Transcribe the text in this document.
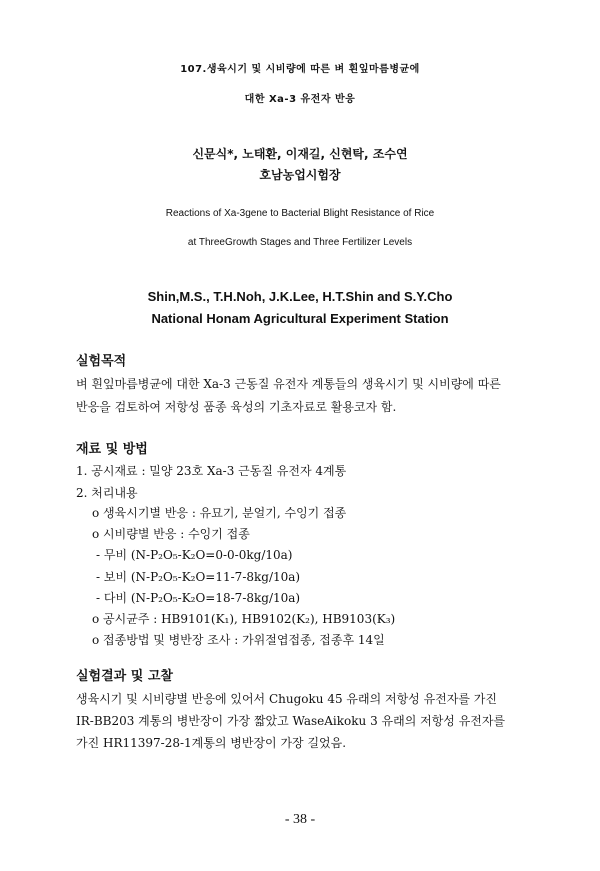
107.생육시기 및 시비량에 따른 벼 흰잎마름병균에
대한 Xa-3 유전자 반응
신문식*, 노태환, 이재길, 신현탁, 조수연
호남농업시험장
Reactions of Xa-3gene to Bacterial Blight Resistance of Rice
at ThreeGrowth Stages and Three Fertilizer Levels
Shin,M.S., T.H.Noh, J.K.Lee, H.T.Shin and S.Y.Cho
National Honam Agricultural Experiment Station
실험목적
벼 흰잎마름병균에 대한 Xa-3 근동질 유전자 계통들의 생육시기 및 시비량에 따른
반응을 검토하여 저항성 품종 육성의 기초자료로 활용코자 함.
재료 및 방법
1. 공시재료 : 밀양 23호 Xa-3 근동질 유전자 4계통
2. 처리내용
o 생육시기별 반응 : 유묘기, 분얼기, 수잉기 접종
o 시비량별 반응 : 수잉기 접종
- 무비 (N-P₂O₅-K₂O=0-0-0kg/10a)
- 보비 (N-P₂O₅-K₂O=11-7-8kg/10a)
- 다비 (N-P₂O₅-K₂O=18-7-8kg/10a)
o 공시균주 : HB9101(K₁), HB9102(K₂), HB9103(K₃)
o 접종방법 및 병반장 조사 : 가위절엽접종, 접종후 14일
실험결과 및 고찰
생육시기 및 시비량별 반응에 있어서 Chugoku 45 유래의 저항성 유전자를 가진
IR-BB203 계통의 병반장이 가장 짧았고 WaseAikoku 3 유래의 저항성 유전자를
가진 HR11397-28-1계통의 병반장이 가장 길었음.
- 38 -
